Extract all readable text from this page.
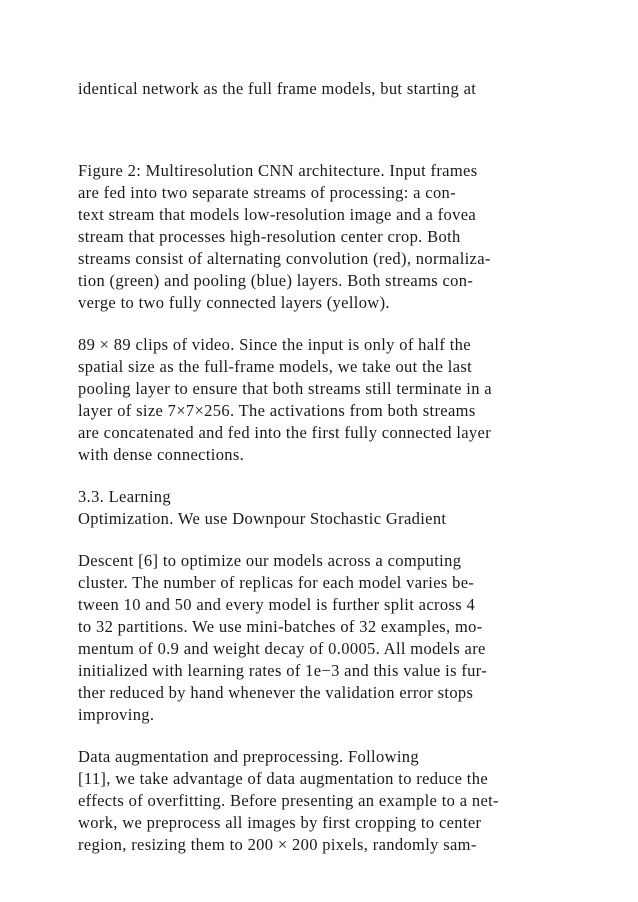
identical network as the full frame models, but starting at
Figure 2: Multiresolution CNN architecture. Input frames
are fed into two separate streams of processing: a con-
text stream that models low-resolution image and a fovea
stream that processes high-resolution center crop. Both
streams consist of alternating convolution (red), normaliza-
tion (green) and pooling (blue) layers. Both streams con-
verge to two fully connected layers (yellow).
89 × 89 clips of video. Since the input is only of half the
spatial size as the full-frame models, we take out the last
pooling layer to ensure that both streams still terminate in a
layer of size 7×7×256. The activations from both streams
are concatenated and fed into the first fully connected layer
with dense connections.
3.3. Learning
Optimization. We use Downpour Stochastic Gradient
Descent [6] to optimize our models across a computing
cluster. The number of replicas for each model varies be-
tween 10 and 50 and every model is further split across 4
to 32 partitions. We use mini-batches of 32 examples, mo-
mentum of 0.9 and weight decay of 0.0005. All models are
initialized with learning rates of 1e−3 and this value is fur-
ther reduced by hand whenever the validation error stops
improving.
Data augmentation and preprocessing. Following
[11], we take advantage of data augmentation to reduce the
effects of overfitting. Before presenting an example to a net-
work, we preprocess all images by first cropping to center
region, resizing them to 200 × 200 pixels, randomly sam-
